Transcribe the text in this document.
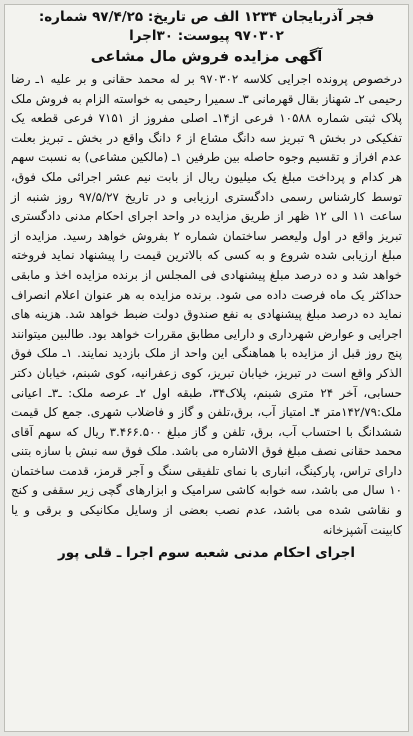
فجر آذربایجان ۱۲۳۴ الف ص تاریخ: ۹۷/۴/۲۵ شماره:
۹۷۰۳۰۲ پیوست: ۳۰اجرا
آگهی مزایده فروش مال مشاعی

درخصوص پرونده اجرایی کلاسه ۹۷۰۳۰۲ بر له محمد حقانی و بر علیه ۱ـ رضا رحیمی ۲ـ شهناز بقال قهرمانی ۳ـ سمیرا رحیمی به خواسته الزام به فروش ملک پلاک ثبتی شماره ۱۰۵۸۸ فرعی از۱۴ـ اصلی مفروز از ۷۱۵۱ فرعی قطعه یک تفکیکی در بخش ۹ تبریز سه دانگ مشاع از ۶ دانگ واقع در بخش ـ تبریز بعلت عدم افراز و تقسیم وجوه حاصله بین طرفین ۱ـ (مالکین مشاعی) به نسبت سهم هر کدام و پرداخت مبلغ یک میلیون ریال از بابت نیم عشر اجرائی ملک فوق، توسط کارشناس رسمی دادگستری ارزیابی و در تاریخ ۹۷/۵/۲۷ روز شنبه از ساعت ۱۱ الی ۱۲ ظهر از طریق مزایده در واحد اجرای احکام مدنی دادگستری تبریز واقع در اول ولیعصر ساختمان شماره ۲ بفروش خواهد رسید. مزایده از مبلغ ارزیابی شده شروع و به کسی که بالاترین قیمت را پیشنهاد نماید فروخته خواهد شد و ده درصد مبلغ پیشنهادی فی المجلس از برنده مزایده اخذ و مابقی حداکثر یک ماه فرصت داده می شود. برنده مزایده به هر عنوان اعلام انصراف نماید ده درصد مبلغ پیشنهادی به نفع صندوق دولت ضبط خواهد شد. هزینه های اجرایی و عوارض شهرداری و دارایی مطابق مقررات خواهد بود. طالبین میتوانند پنج روز قبل از مزایده با هماهنگی این واحد از ملک بازدید نمایند. ۱ـ ملک فوق الذکر واقع است در تبریز، خیابان تبریز، کوی زعفرانیه، کوی شبنم، خیابان دکتر حسابی، آخر ۲۴ متری شبنم، پلاک۳۴، طبقه اول ۲ـ عرصه ملک: ـ۳ـ اعیانی ملک:۱۴۲/۷۹متر ۴ـ امتیاز آب، برق،تلفن و گاز و فاضلاب شهری. جمع کل قیمت ششدانگ با احتساب آب، برق، تلفن و گاز مبلغ ۳.۴۶۶.۵۰۰ ریال که سهم آقای محمد حقانی نصف مبلغ فوق الاشاره می باشد. ملک فوق سه نبش با سازه بتنی دارای تراس، پارکینگ، انباری با نمای تلفیقی سنگ و آجر قرمز، قدمت ساختمان ۱۰ سال می باشد، سه خوابه کاشی سرامیک و ابزارهای گچی زیر سقفی و کنج و نقاشی شده می باشد، عدم نصب بعضی از وسایل مکانیکی و برقی و یا کابینت آشپزخانه

اجرای احکام مدنی شعبه سوم اجرا ـ قلی پور
